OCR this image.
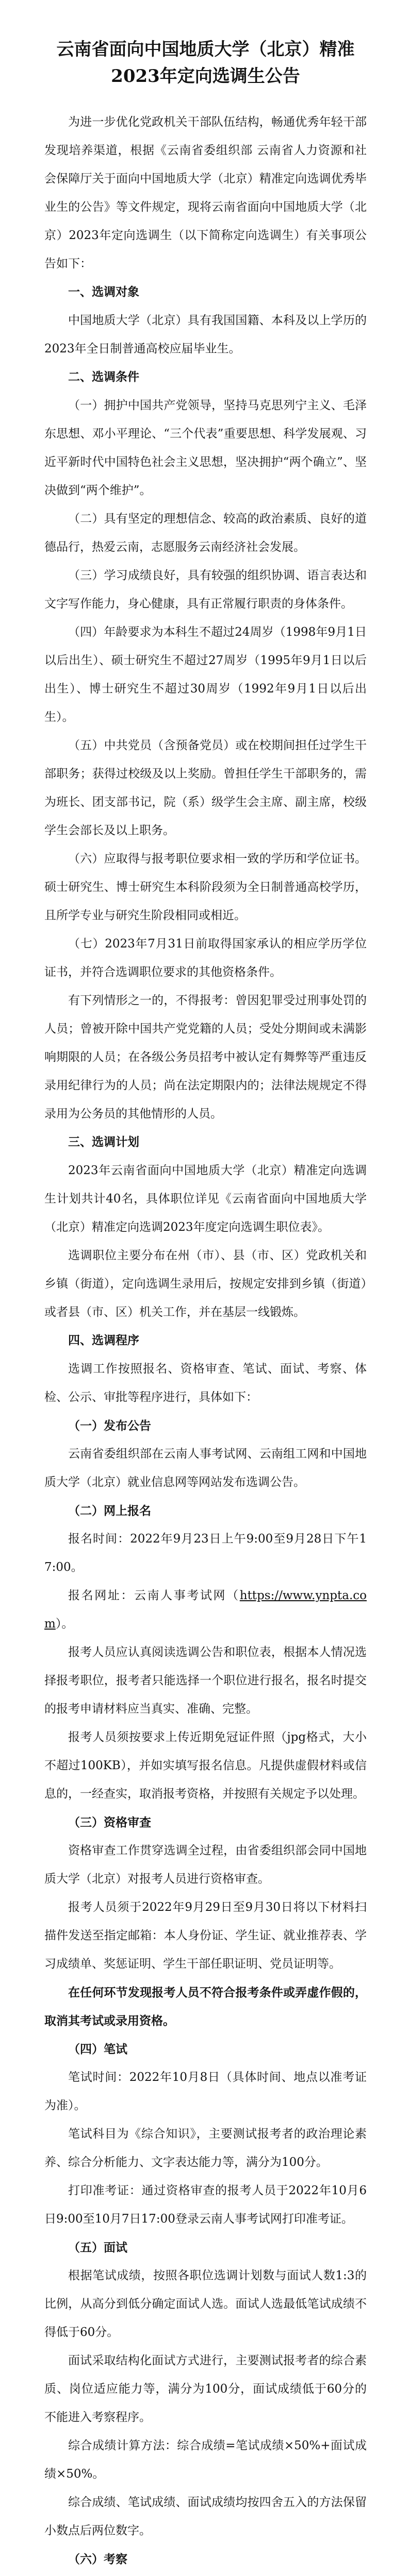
云南省面向中国地质大学（北京）精准
2023年定向选调生公告

为进一步优化党政机关干部队伍结构，畅通优秀年轻干部发现培养渠道，根据《云南省委组织部 云南省人力资源和社会保障厅关于面向中国地质大学（北京）精准定向选调优秀毕业生的公告》等文件规定，现将云南省面向中国地质大学（北京）2023年定向选调生（以下简称定向选调生）有关事项公告如下：

一、选调对象

中国地质大学（北京）具有我国国籍、本科及以上学历的2023年全日制普通高校应届毕业生。

二、选调条件

（一）拥护中国共产党领导，坚持马克思列宁主义、毛泽东思想、邓小平理论、“三个代表”重要思想、科学发展观、习近平新时代中国特色社会主义思想，坚决拥护“两个确立”、坚决做到“两个维护”。

（二）具有坚定的理想信念、较高的政治素质、良好的道德品行，热爱云南，志愿服务云南经济社会发展。

（三）学习成绩良好，具有较强的组织协调、语言表达和文字写作能力，身心健康，具有正常履行职责的身体条件。

（四）年龄要求为本科生不超过24周岁（1998年9月1日以后出生）、硕士研究生不超过27周岁（1995年9月1日以后出生）、博士研究生不超过30周岁（1992年9月1日以后出生）。

（五）中共党员（含预备党员）或在校期间担任过学生干部职务；获得过校级及以上奖励。曾担任学生干部职务的，需为班长、团支部书记，院（系）级学生会主席、副主席，校级学生会部长及以上职务。

（六）应取得与报考职位要求相一致的学历和学位证书。硕士研究生、博士研究生本科阶段须为全日制普通高校学历，且所学专业与研究生阶段相同或相近。

（七）2023年7月31日前取得国家承认的相应学历学位证书，并符合选调职位要求的其他资格条件。

有下列情形之一的，不得报考：曾因犯罪受过刑事处罚的人员；曾被开除中国共产党党籍的人员；受处分期间或未满影响期限的人员；在各级公务员招考中被认定有舞弊等严重违反录用纪律行为的人员；尚在法定期限内的；法律法规规定不得录用为公务员的其他情形的人员。

三、选调计划

2023年云南省面向中国地质大学（北京）精准定向选调生计划共计40名，具体职位详见《云南省面向中国地质大学（北京）精准定向选调2023年度定向选调生职位表》。

选调职位主要分布在州（市）、县（市、区）党政机关和乡镇（街道），定向选调生录用后，按规定安排到乡镇（街道）或者县（市、区）机关工作，并在基层一线锻炼。

四、选调程序

选调工作按照报名、资格审查、笔试、面试、考察、体检、公示、审批等程序进行，具体如下：

（一）发布公告

云南省委组织部在云南人事考试网、云南组工网和中国地质大学（北京）就业信息网等网站发布选调公告。

（二）网上报名

报名时间：2022年9月23日上午9:00至9月28日下午17:00。

报名网址：云南人事考试网（https://www.ynpta.com）。

报考人员应认真阅读选调公告和职位表，根据本人情况选择报考职位，报考者只能选择一个职位进行报名，报名时提交的报考申请材料应当真实、准确、完整。

报考人员须按要求上传近期免冠证件照（jpg格式，大小不超过100KB），并如实填写报名信息。凡提供虚假材料或信息的，一经查实，取消报考资格，并按照有关规定予以处理。

（三）资格审查

资格审查工作贯穿选调全过程，由省委组织部会同中国地质大学（北京）对报考人员进行资格审查。

报考人员须于2022年9月29日至9月30日将以下材料扫描件发送至指定邮箱：本人身份证、学生证、就业推荐表、学习成绩单、奖惩证明、学生干部任职证明、党员证明等。

在任何环节发现报考人员不符合报考条件或弄虚作假的，取消其考试或录用资格。

（四）笔试

笔试时间：2022年10月8日（具体时间、地点以准考证为准）。

笔试科目为《综合知识》，主要测试报考者的政治理论素养、综合分析能力、文字表达能力等，满分为100分。

打印准考证：通过资格审查的报考人员于2022年10月6日9:00至10月7日17:00登录云南人事考试网打印准考证。

（五）面试

根据笔试成绩，按照各职位选调计划数与面试人数1:3的比例，从高分到低分确定面试人选。面试人选最低笔试成绩不得低于60分。

面试采取结构化面试方式进行，主要测试报考者的综合素质、岗位适应能力等，满分为100分，面试成绩低于60分的不能进入考察程序。

综合成绩计算方法：综合成绩=笔试成绩×50%+面试成绩×50%。

综合成绩、笔试成绩、面试成绩均按四舍五入的方法保留小数点后两位数字。

（六）考察
